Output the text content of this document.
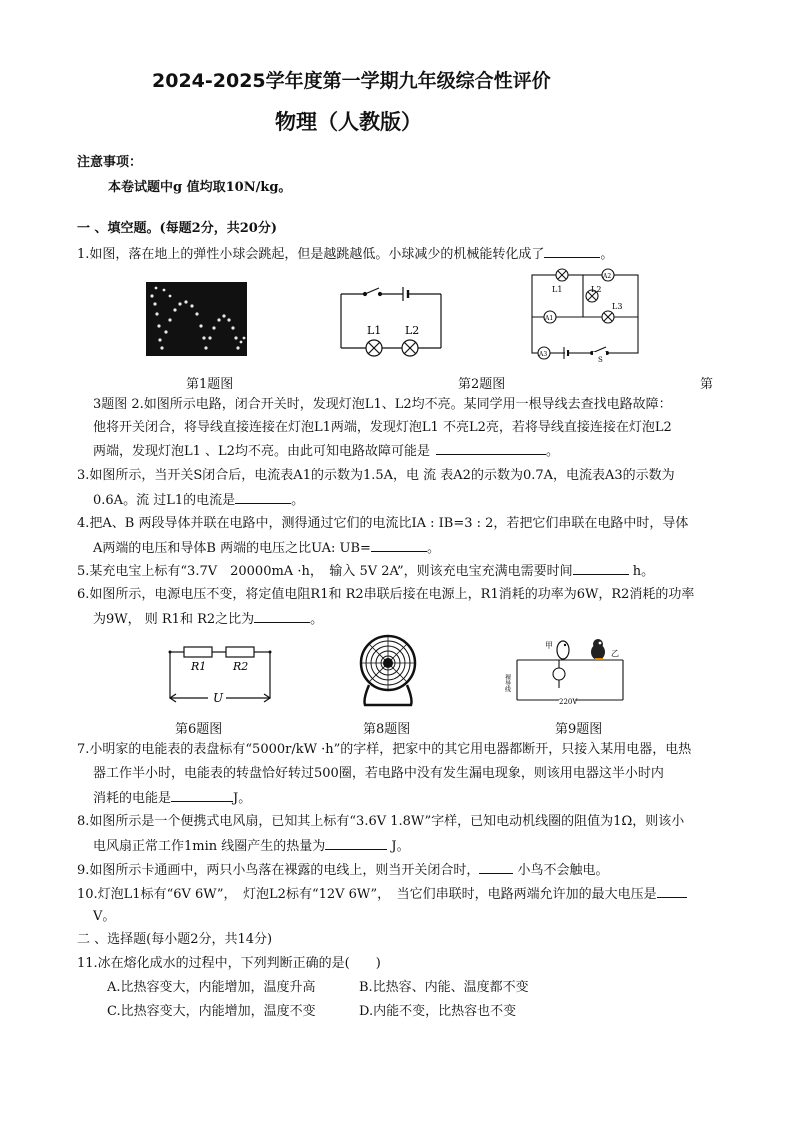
2024-2025学年度第一学期九年级综合性评价
物理（人教版）
注意事项：
本卷试题中g 值均取10N/kg。
一 、填空题。(每题2分，共20分)
1.如图，落在地上的弹性小球会跳起，但是越跳越低。小球减少的机械能转化成了	。
L1 L2
L1	L2
L3
A1
A2
A3
S
第1题图	第2题图	第
3题图 2.如图所示电路，闭合开关时，发现灯泡L1、L2均不亮。某同学用一根导线去查找电路故障：
他将开关闭合，将导线直接连接在灯泡L1两端，发现灯泡L1 不亮L2亮，若将导线直接连接在灯泡L2
两端，发现灯泡L1 、L2均不亮。由此可知电路故障可能是	。
3.如图所示，当开关S闭合后，电流表A1的示数为1.5A，电 流 表A2的示数为0.7A，电流表A3的示数为
0.6A。流 过L1的电流是	。
4.把A、B 两段导体并联在电路中，测得通过它们的电流比IA : IB=3 : 2，若把它们串联在电路中时，导体
A两端的电压和导体B 两端的电压之比UA: UB=	。
5.某充电宝上标有“3.7V　20000mA ·h，　输入 5V 2A”，则该充电宝充满电需要时间	h。
6.如图所示，电源电压不变，将定值电阻R1和 R2串联后接在电源上，R1消耗的功率为6W，R2消耗的功率
为9W， 则 R1和 R2之比为	。
R1 R2
U
甲
乙
裸导线
220V
第6题图	第8题图	第9题图
7.小明家的电能表的表盘标有“5000r/kW ·h”的字样，把家中的其它用电器都断开，只接入某用电器，电热
器工作半小时，电能表的转盘恰好转过500圈，若电路中没有发生漏电现象，则该用电器这半小时内
消耗的电能是	J。
8.如图所示是一个便携式电风扇，已知其上标有“3.6V 1.8W”字样，已知电动机线圈的阻值为1Ω，则该小
电风扇正常工作1min 线圈产生的热量为	J。
9.如图所示卡通画中，两只小鸟落在裸露的电线上，则当开关闭合时，	小鸟不会触电。
10.灯泡L1标有“6V 6W”，　灯泡L2标有“12V 6W”，　当它们串联时，电路两端允许加的最大电压是
V。
二 、选择题(每小题2分，共14分)
11.冰在熔化成水的过程中，下列判断正确的是(　　)
A.比热容变大，内能增加，温度升高	B.比热容、内能、温度都不变
C.比热容变大，内能增加，温度不变	D.内能不变，比热容也不变
